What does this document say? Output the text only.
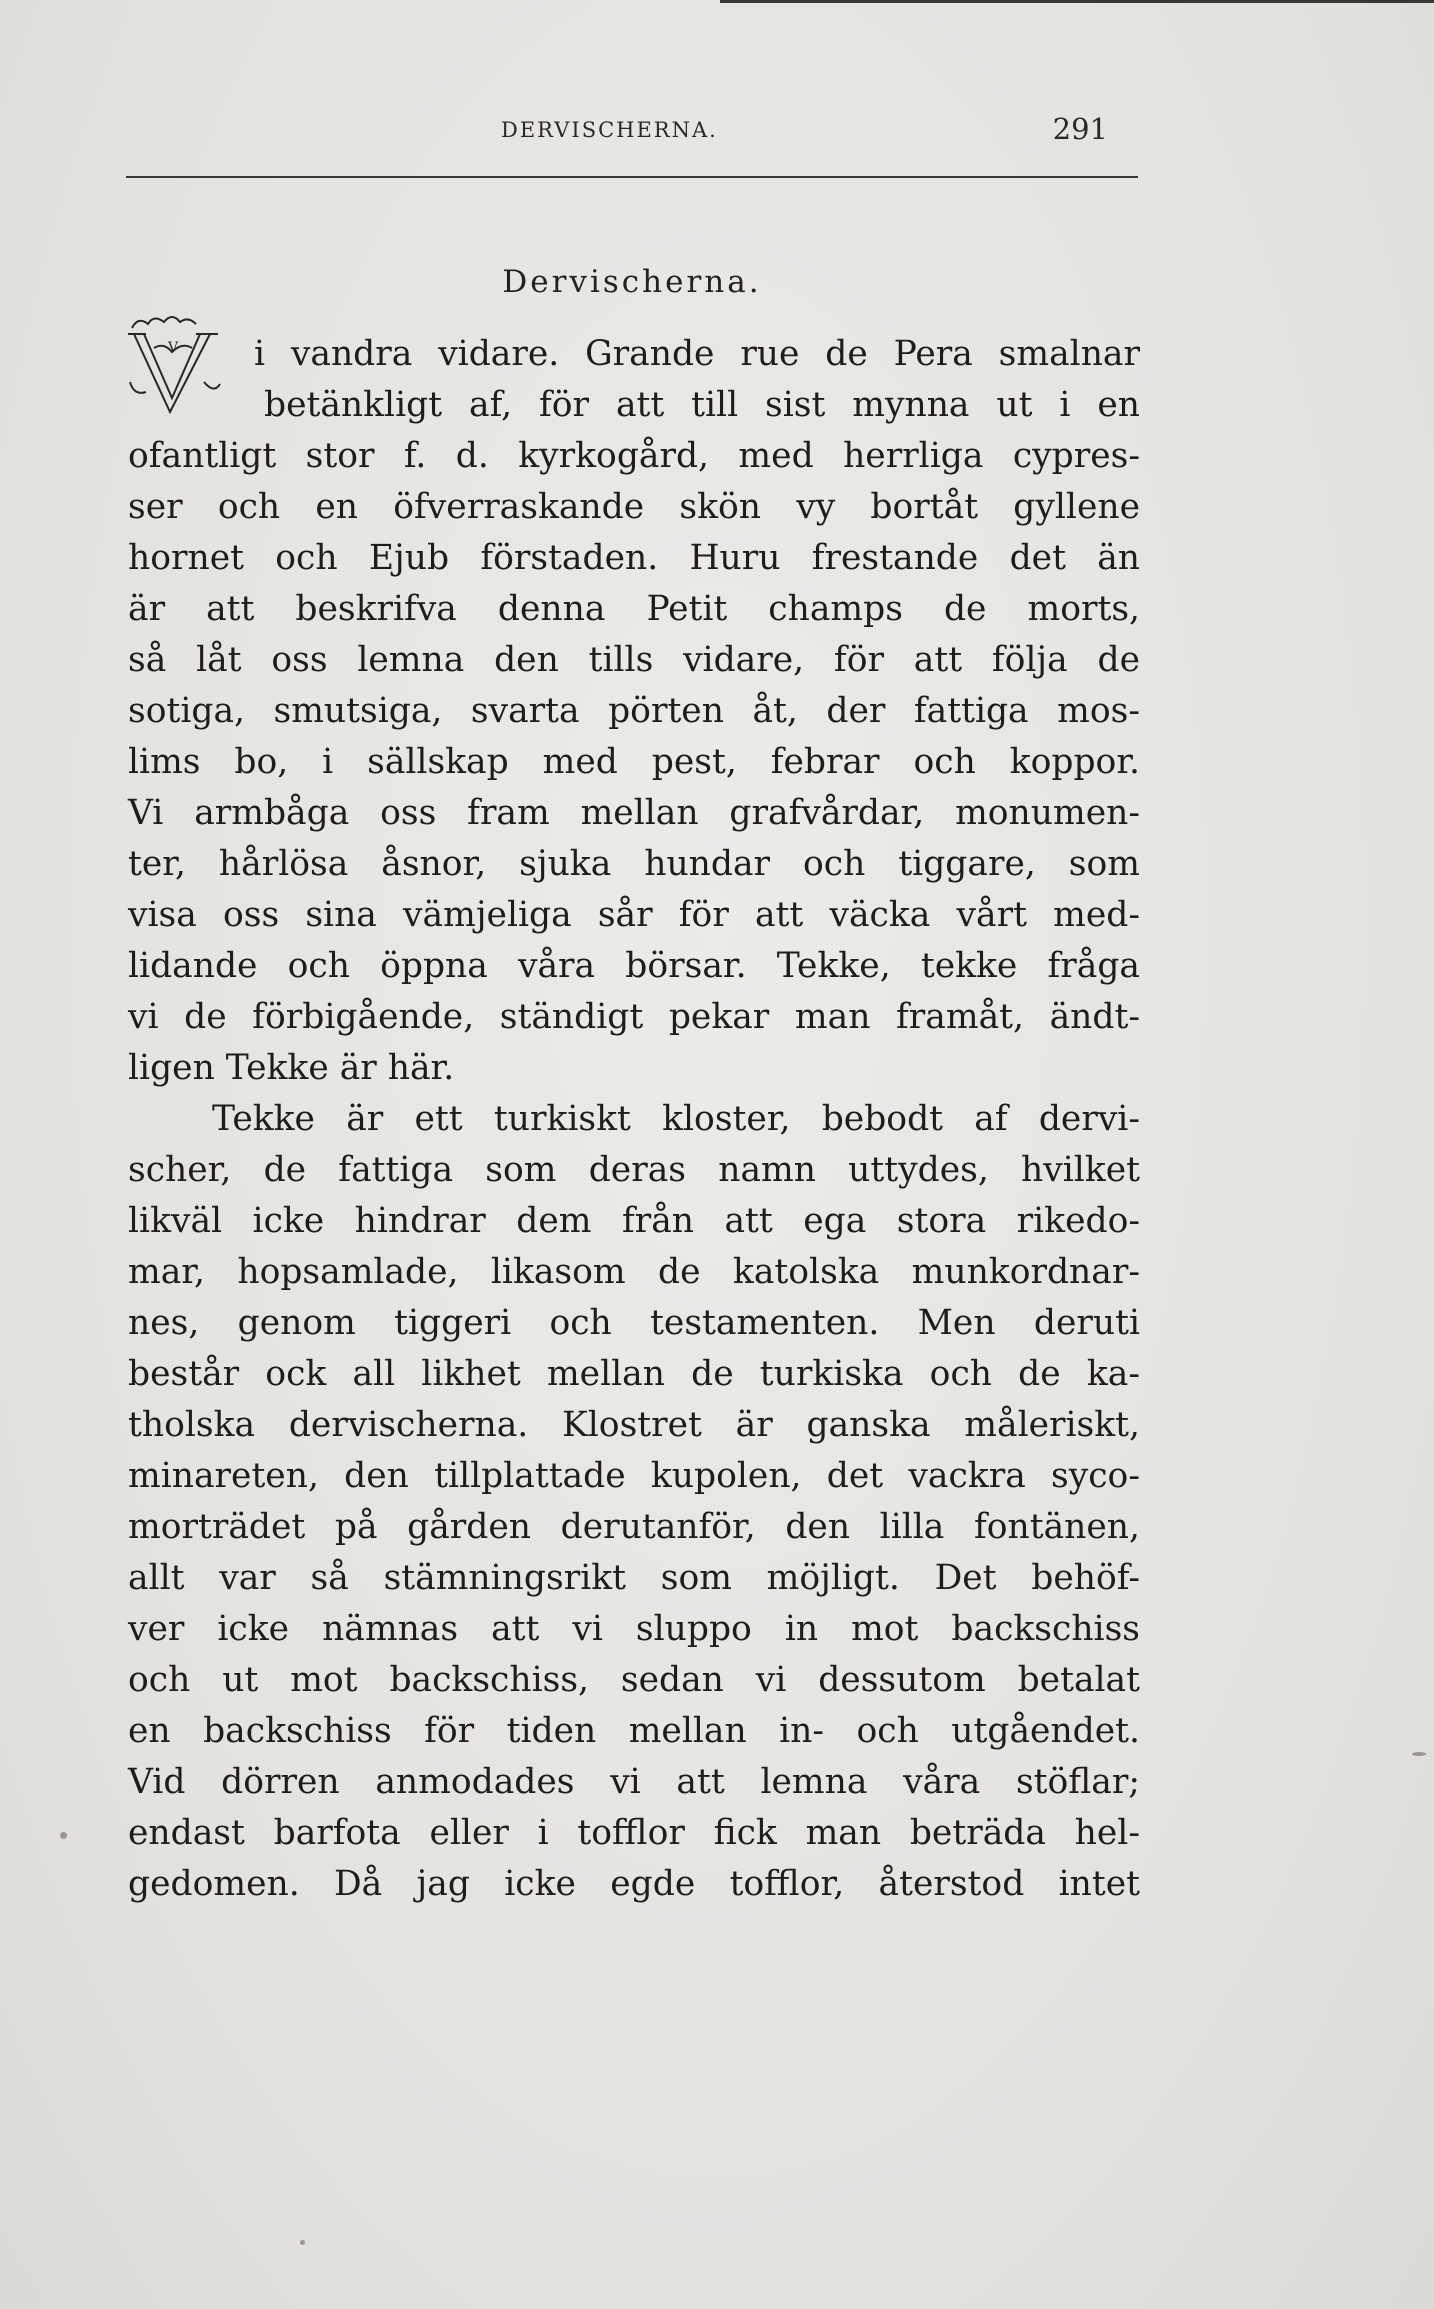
DERVISCHERNA.	291
Dervischerna.
V i vandra vidare. Grande rue de Pera smalnar
betänkligt af, för att till sist mynna ut i en
ofantligt stor f. d. kyrkogård, med herrliga cypres-
ser och en öfverraskande skön vy bortåt gyllene
hornet och Ejub förstaden. Huru frestande det än
är att beskrifva denna Petit champs de morts,
så låt oss lemna den tills vidare, för att följa de
sotiga, smutsiga, svarta pörten åt, der fattiga mos-
lims bo, i sällskap med pest, febrar och koppor.
Vi armbåga oss fram mellan grafvårdar, monumen-
ter, hårlösa åsnor, sjuka hundar och tiggare, som
visa oss sina vämjeliga sår för att väcka vårt med-
lidande och öppna våra börsar. Tekke, tekke fråga
vi de förbigående, ständigt pekar man framåt, ändt-
ligen Tekke är här.
Tekke är ett turkiskt kloster, bebodt af dervi-
scher, de fattiga som deras namn uttydes, hvilket
likväl icke hindrar dem från att ega stora rikedo-
mar, hopsamlade, likasom de katolska munkordnar-
nes, genom tiggeri och testamenten. Men deruti
består ock all likhet mellan de turkiska och de ka-
tholska dervischerna. Klostret är ganska måleriskt,
minareten, den tillplattade kupolen, det vackra syco-
morträdet på gården derutanför, den lilla fontänen,
allt var så stämningsrikt som möjligt. Det behöf-
ver icke nämnas att vi sluppo in mot backschiss
och ut mot backschiss, sedan vi dessutom betalat
en backschiss för tiden mellan in- och utgåendet.
Vid dörren anmodades vi att lemna våra stöflar;
endast barfota eller i tofflor fick man beträda hel-
gedomen. Då jag icke egde tofflor, återstod intet
